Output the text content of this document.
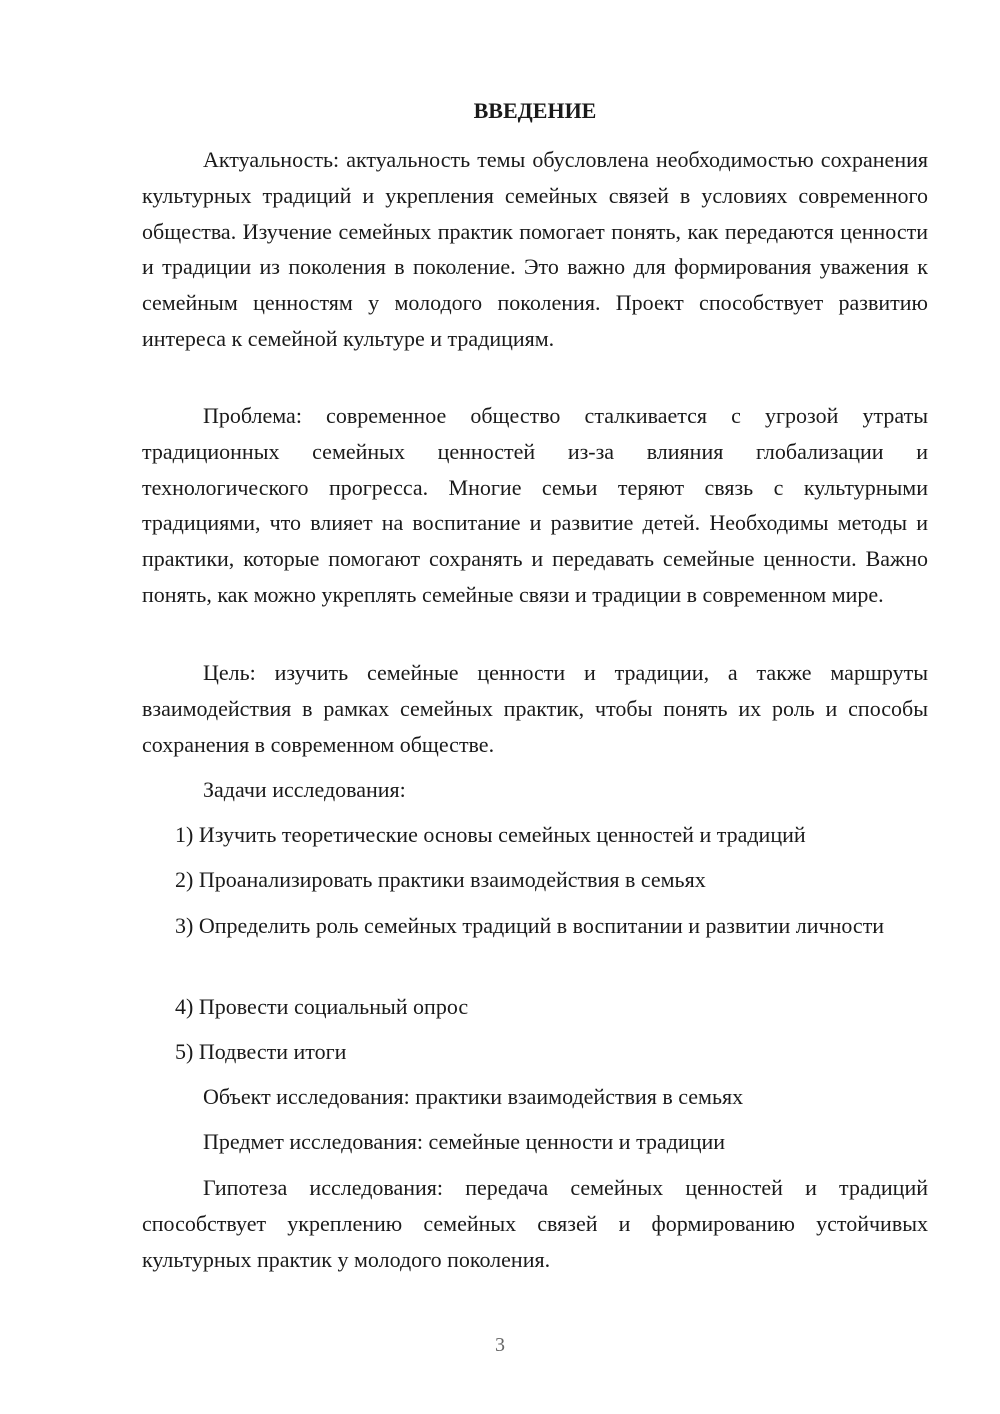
ВВЕДЕНИЕ

Актуальность: актуальность темы обусловлена необходимостью сохранения культурных традиций и укрепления семейных связей в условиях современного общества. Изучение семейных практик помогает понять, как передаются ценности и традиции из поколения в поколение. Это важно для формирования уважения к семейным ценностям у молодого поколения. Проект способствует развитию интереса к семейной культуре и традициям.

Проблема: современное общество сталкивается с угрозой утраты традиционных семейных ценностей из-за влияния глобализации и технологического прогресса. Многие семьи теряют связь с культурными традициями, что влияет на воспитание и развитие детей. Необходимы методы и практики, которые помогают сохранять и передавать семейные ценности. Важно понять, как можно укреплять семейные связи и традиции в современном мире.

Цель: изучить семейные ценности и традиции, а также маршруты взаимодействия в рамках семейных практик, чтобы понять их роль и способы сохранения в современном обществе.

Задачи исследования:

1) Изучить теоретические основы семейных ценностей и традиций

2) Проанализировать практики взаимодействия в семьях

3) Определить роль семейных традиций в воспитании и развитии личности

4) Провести социальный опрос

5) Подвести итоги

Объект исследования: практики взаимодействия в семьях

Предмет исследования: семейные ценности и традиции

Гипотеза исследования: передача семейных ценностей и традиций способствует укреплению семейных связей и формированию устойчивых культурных практик у молодого поколения.

3
